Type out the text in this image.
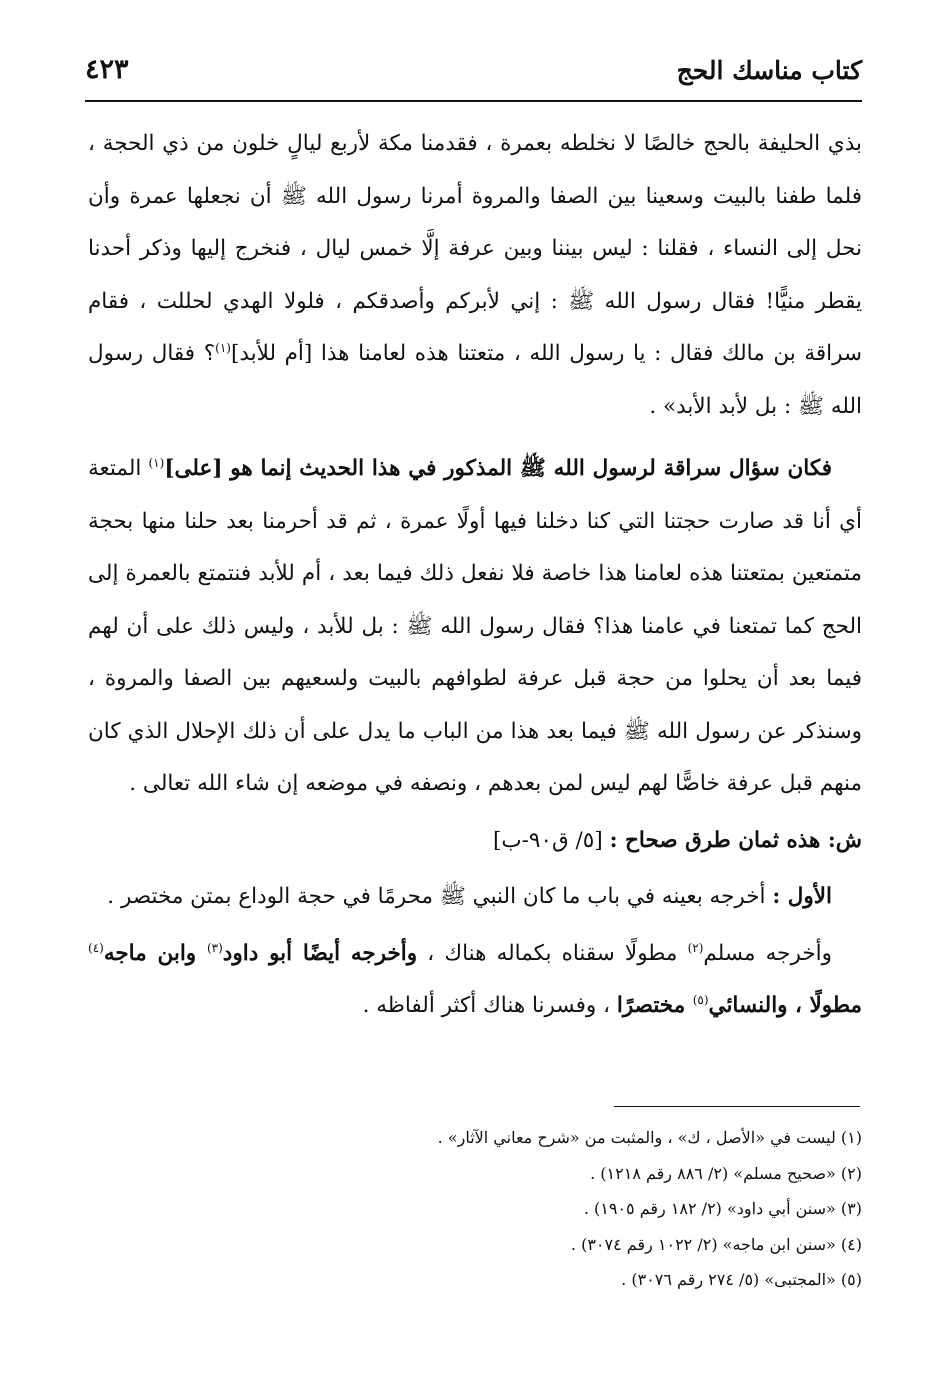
كتاب مناسك الحج
٤٢٣

بذي الحليفة بالحج خالصًا لا نخلطه بعمرة ، فقدمنا مكة لأربع ليالٍ خلون من ذي الحجة ، فلما طفنا بالبيت وسعينا بين الصفا والمروة أمرنا رسول الله ﷺ أن نجعلها عمرة وأن نحل إلى النساء ، فقلنا : ليس بيننا وبين عرفة إلَّا خمس ليال ، فنخرج إليها وذكر أحدنا يقطر منيًّا! فقال رسول الله ﷺ : إني لأبركم وأصدقكم ، فلولا الهدي لحللت ، فقام سراقة بن مالك فقال : يا رسول الله ، متعتنا هذه لعامنا هذا [أم للأبد]$^{(١)}$؟ فقال رسول الله ﷺ : بل لأبد الأبد» .

فكان سؤال سراقة لرسول الله ﷺ المذكور في هذا الحديث إنما هو [على]$^{(١)}$ المتعة أي أنا قد صارت حجتنا التي كنا دخلنا فيها أولًا عمرة ، ثم قد أحرمنا بعد حلنا منها بحجة متمتعين بمتعتنا هذه لعامنا هذا خاصة فلا نفعل ذلك فيما بعد ، أم للأبد فنتمتع بالعمرة إلى الحج كما تمتعنا في عامنا هذا؟ فقال رسول الله ﷺ : بل للأبد ، وليس ذلك على أن لهم فيما بعد أن يحلوا من حجة قبل عرفة لطوافهم بالبيت ولسعيهم بين الصفا والمروة ، وسنذكر عن رسول الله ﷺ فيما بعد هذا من الباب ما يدل على أن ذلك الإحلال الذي كان منهم قبل عرفة خاصًّا لهم ليس لمن بعدهم ، ونصفه في موضعه إن شاء الله تعالى .

ش: هذه ثمان طرق صحاح : [٥/ ق٩٠-ب]

الأول : أخرجه بعينه في باب ما كان النبي ﷺ محرمًا في حجة الوداع بمتن مختصر .

وأخرجه مسلم$^{(٢)}$ مطولًا سقناه بكماله هناك ، وأخرجه أيضًا أبو داود$^{(٣)}$ وابن ماجه$^{(٤)}$ مطولًا ، والنسائي$^{(٥)}$ مختصرًا ، وفسرنا هناك أكثر ألفاظه .

(١) ليست في «الأصل ، ك» ، والمثبت من «شرح معاني الآثار» .

(٢) «صحيح مسلم» (٢/ ٨٨٦ رقم ١٢١٨) .

(٣) «سنن أبي داود» (٢/ ١٨٢ رقم ١٩٠٥) .

(٤) «سنن ابن ماجه» (٢/ ١٠٢٢ رقم ٣٠٧٤) .

(٥) «المجتبى» (٥/ ٢٧٤ رقم ٣٠٧٦) .
